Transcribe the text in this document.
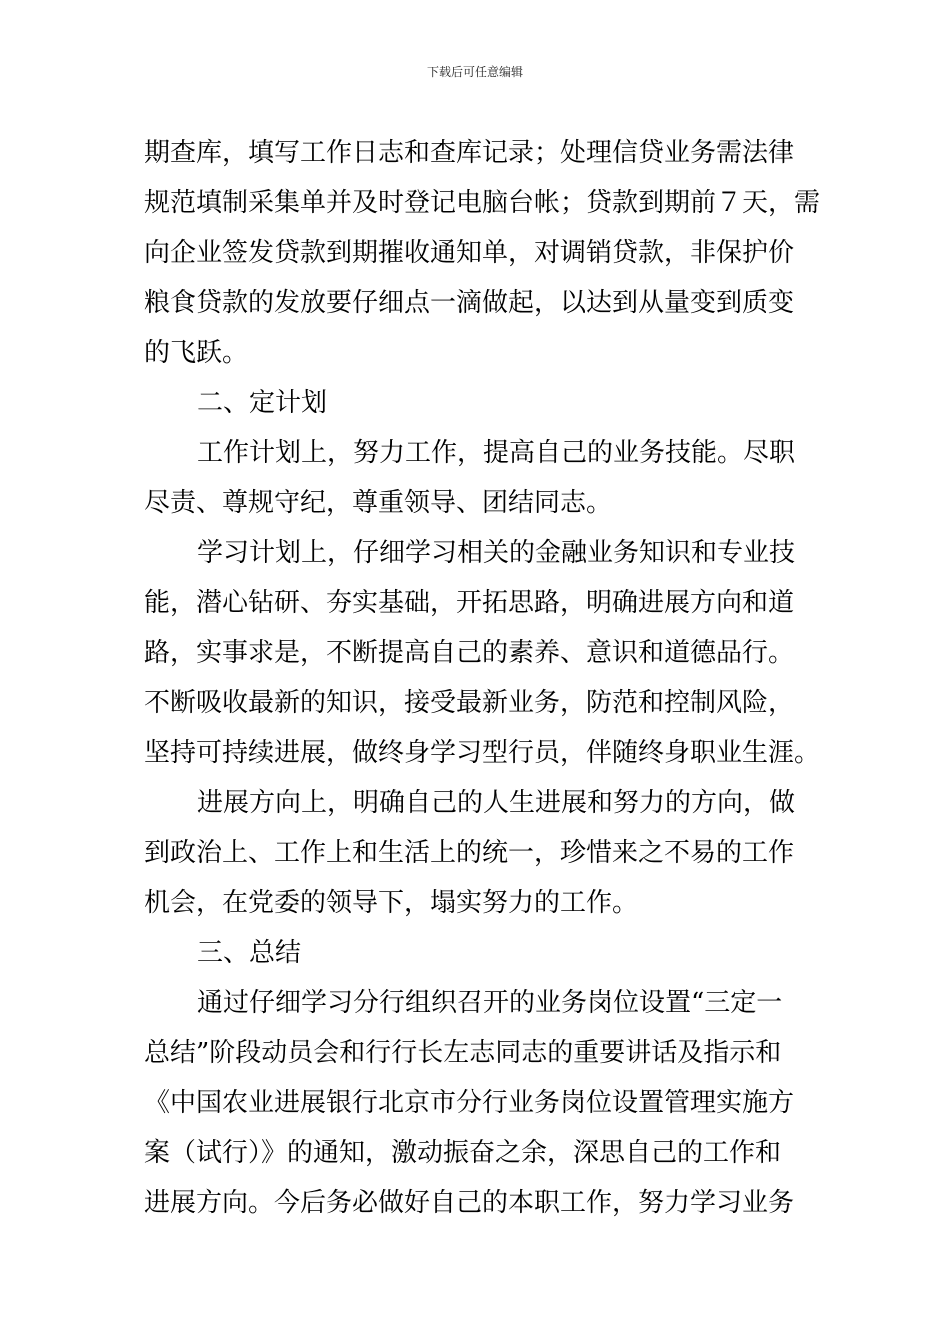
下载后可任意编辑
期查库，填写工作日志和查库记录；处理信贷业务需法律
规范填制采集单并及时登记电脑台帐；贷款到期前７天，需
向企业签发贷款到期摧收通知单，对调销贷款，非保护价
粮食贷款的发放要仔细点一滴做起，以达到从量变到质变
的飞跃。
二、定计划
工作计划上，努力工作，提高自己的业务技能。尽职
尽责、尊规守纪，尊重领导、团结同志。
学习计划上，仔细学习相关的金融业务知识和专业技
能，潜心钻研、夯实基础，开拓思路，明确进展方向和道
路，实事求是，不断提高自己的素养、意识和道德品行。
不断吸收最新的知识，接受最新业务，防范和控制风险，
坚持可持续进展，做终身学习型行员，伴随终身职业生涯。
进展方向上，明确自己的人生进展和努力的方向，做
到政治上、工作上和生活上的统一，珍惜来之不易的工作
机会，在党委的领导下，塌实努力的工作。
三、总结
通过仔细学习分行组织召开的业务岗位设置“三定一
总结”阶段动员会和行行长左志同志的重要讲话及指示和
《中国农业进展银行北京市分行业务岗位设置管理实施方
案（试行）》的通知，激动振奋之余，深思自己的工作和
进展方向。今后务必做好自己的本职工作，努力学习业务
